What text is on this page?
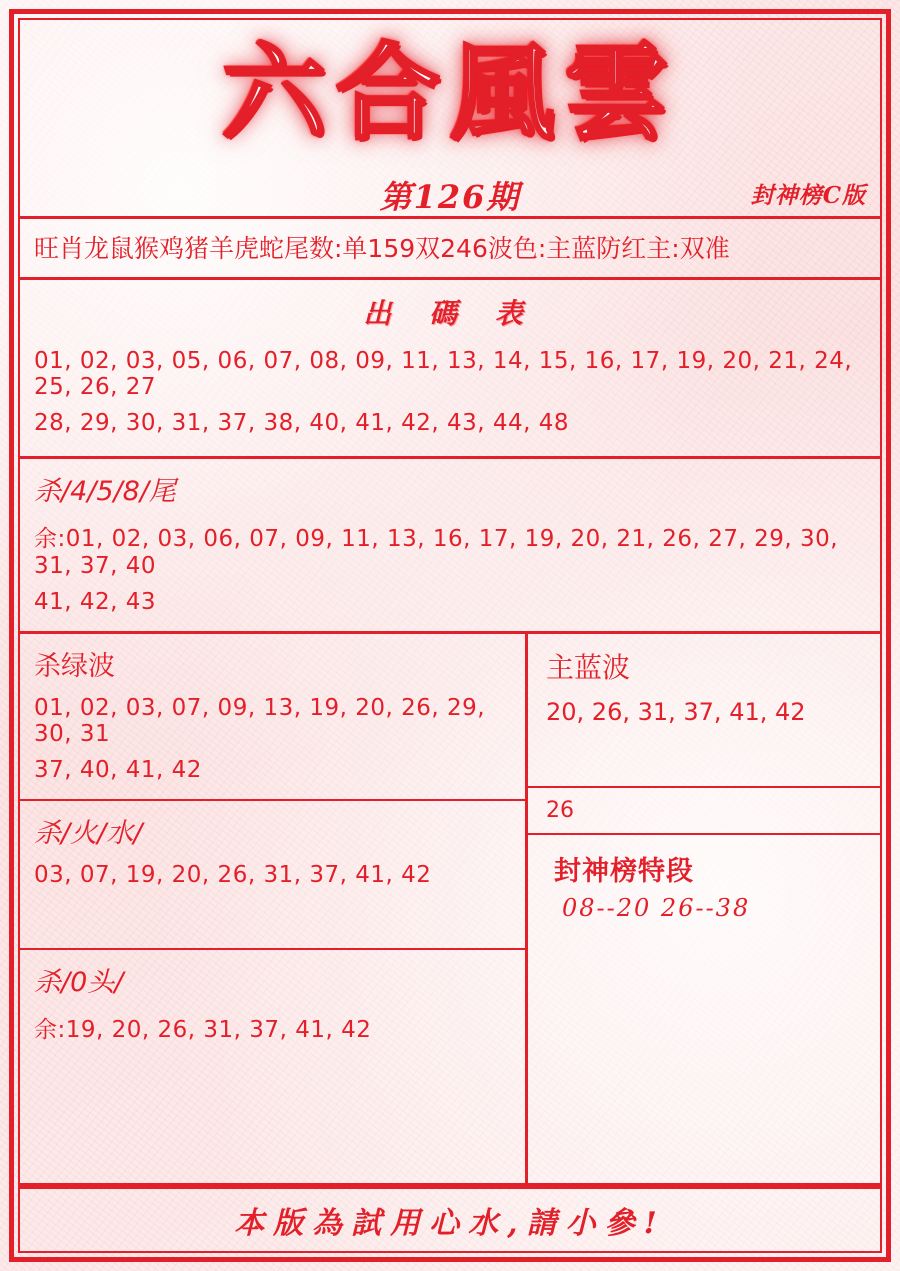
六合風雲
第126期	封神榜C版
旺肖龙鼠猴鸡猪羊虎蛇尾数:单159双246波色:主蓝防红主:双准
出 碼 表
01, 02, 03, 05, 06, 07, 08, 09, 11, 13, 14, 15, 16, 17, 19, 20, 21, 24, 25, 26, 27
28, 29, 30, 31, 37, 38, 40, 41, 42, 43, 44, 48
杀/4/5/8/尾
余:01, 02, 03, 06, 07, 09, 11, 13, 16, 17, 19, 20, 21, 26, 27, 29, 30, 31, 37, 40
41, 42, 43
杀绿波
01, 02, 03, 07, 09, 13, 19, 20, 26, 29, 30, 31
37, 40, 41, 42
杀/火/水/
03, 07, 19, 20, 26, 31, 37, 41, 42
杀/0头/
余:19, 20, 26, 31, 37, 41, 42
主蓝波
20, 26, 31, 37, 41, 42
26
封神榜特段
08--20 26--38
本版為試用心水,請小參!
